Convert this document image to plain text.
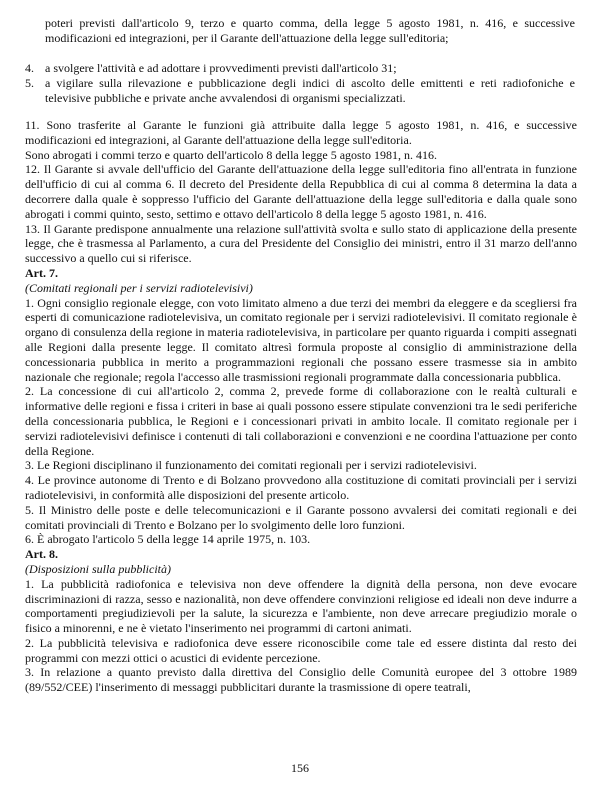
poteri previsti dall'articolo 9, terzo e quarto comma, della legge 5 agosto 1981, n. 416, e successive modificazioni ed integrazioni, per il Garante dell'attuazione della legge sull'editoria;
4. a svolgere l'attività e ad adottare i provvedimenti previsti dall'articolo 31;
5. a vigilare sulla rilevazione e pubblicazione degli indici di ascolto delle emittenti e reti radiofoniche e televisive pubbliche e private anche avvalendosi di organismi specializzati.

11. Sono trasferite al Garante le funzioni già attribuite dalla legge 5 agosto 1981, n. 416, e successive modificazioni ed integrazioni, al Garante dell'attuazione della legge sull'editoria.

Sono abrogati i commi terzo e quarto dell'articolo 8 della legge 5 agosto 1981, n. 416.

12. Il Garante si avvale dell'ufficio del Garante dell'attuazione della legge sull'editoria fino all'entrata in funzione dell'ufficio di cui al comma 6. Il decreto del Presidente della Repubblica di cui al comma 8 determina la data a decorrere dalla quale è soppresso l'ufficio del Garante dell'attuazione della legge sull'editoria e dalla quale sono abrogati i commi quinto, sesto, settimo e ottavo dell'articolo 8 della legge 5 agosto 1981, n. 416.

13. Il Garante predispone annualmente una relazione sull'attività svolta e sullo stato di applicazione della presente legge, che è trasmessa al Parlamento, a cura del Presidente del Consiglio dei ministri, entro il 31 marzo dell'anno successivo a quello cui si riferisce.

Art. 7.

(Comitati regionali per i servizi radiotelevisivi)

1. Ogni consiglio regionale elegge, con voto limitato almeno a due terzi dei membri da eleggere e da scegliersi fra esperti di comunicazione radiotelevisiva, un comitato regionale per i servizi radiotelevisivi. Il comitato regionale è organo di consulenza della regione in materia radiotelevisiva, in particolare per quanto riguarda i compiti assegnati alle Regioni dalla presente legge. Il comitato altresì formula proposte al consiglio di amministrazione della concessionaria pubblica in merito a programmazioni regionali che possano essere trasmesse sia in ambito nazionale che regionale; regola l'accesso alle trasmissioni regionali programmate dalla concessionaria pubblica.

2. La concessione di cui all'articolo 2, comma 2, prevede forme di collaborazione con le realtà culturali e informative delle regioni e fissa i criteri in base ai quali possono essere stipulate convenzioni tra le sedi periferiche della concessionaria pubblica, le Regioni e i concessionari privati in ambito locale. Il comitato regionale per i servizi radiotelevisivi definisce i contenuti di tali collaborazioni e convenzioni e ne coordina l'attuazione per conto della Regione.

3. Le Regioni disciplinano il funzionamento dei comitati regionali per i servizi radiotelevisivi.

4. Le province autonome di Trento e di Bolzano provvedono alla costituzione di comitati provinciali per i servizi radiotelevisivi, in conformità alle disposizioni del presente articolo.

5. Il Ministro delle poste e delle telecomunicazioni e il Garante possono avvalersi dei comitati regionali e dei comitati provinciali di Trento e Bolzano per lo svolgimento delle loro funzioni.

6. È abrogato l'articolo 5 della legge 14 aprile 1975, n. 103.

Art. 8.

(Disposizioni sulla pubblicità)

1. La pubblicità radiofonica e televisiva non deve offendere la dignità della persona, non deve evocare discriminazioni di razza, sesso e nazionalità, non deve offendere convinzioni religiose ed ideali non deve indurre a comportamenti pregiudizievoli per la salute, la sicurezza e l'ambiente, non deve arrecare pregiudizio morale o fisico a minorenni, e ne è vietato l'inserimento nei programmi di cartoni animati.

2. La pubblicità televisiva e radiofonica deve essere riconoscibile come tale ed essere distinta dal resto dei programmi con mezzi ottici o acustici di evidente percezione.

3. In relazione a quanto previsto dalla direttiva del Consiglio delle Comunità europee del 3 ottobre 1989 (89/552/CEE) l'inserimento di messaggi pubblicitari durante la trasmissione di opere teatrali,

156
